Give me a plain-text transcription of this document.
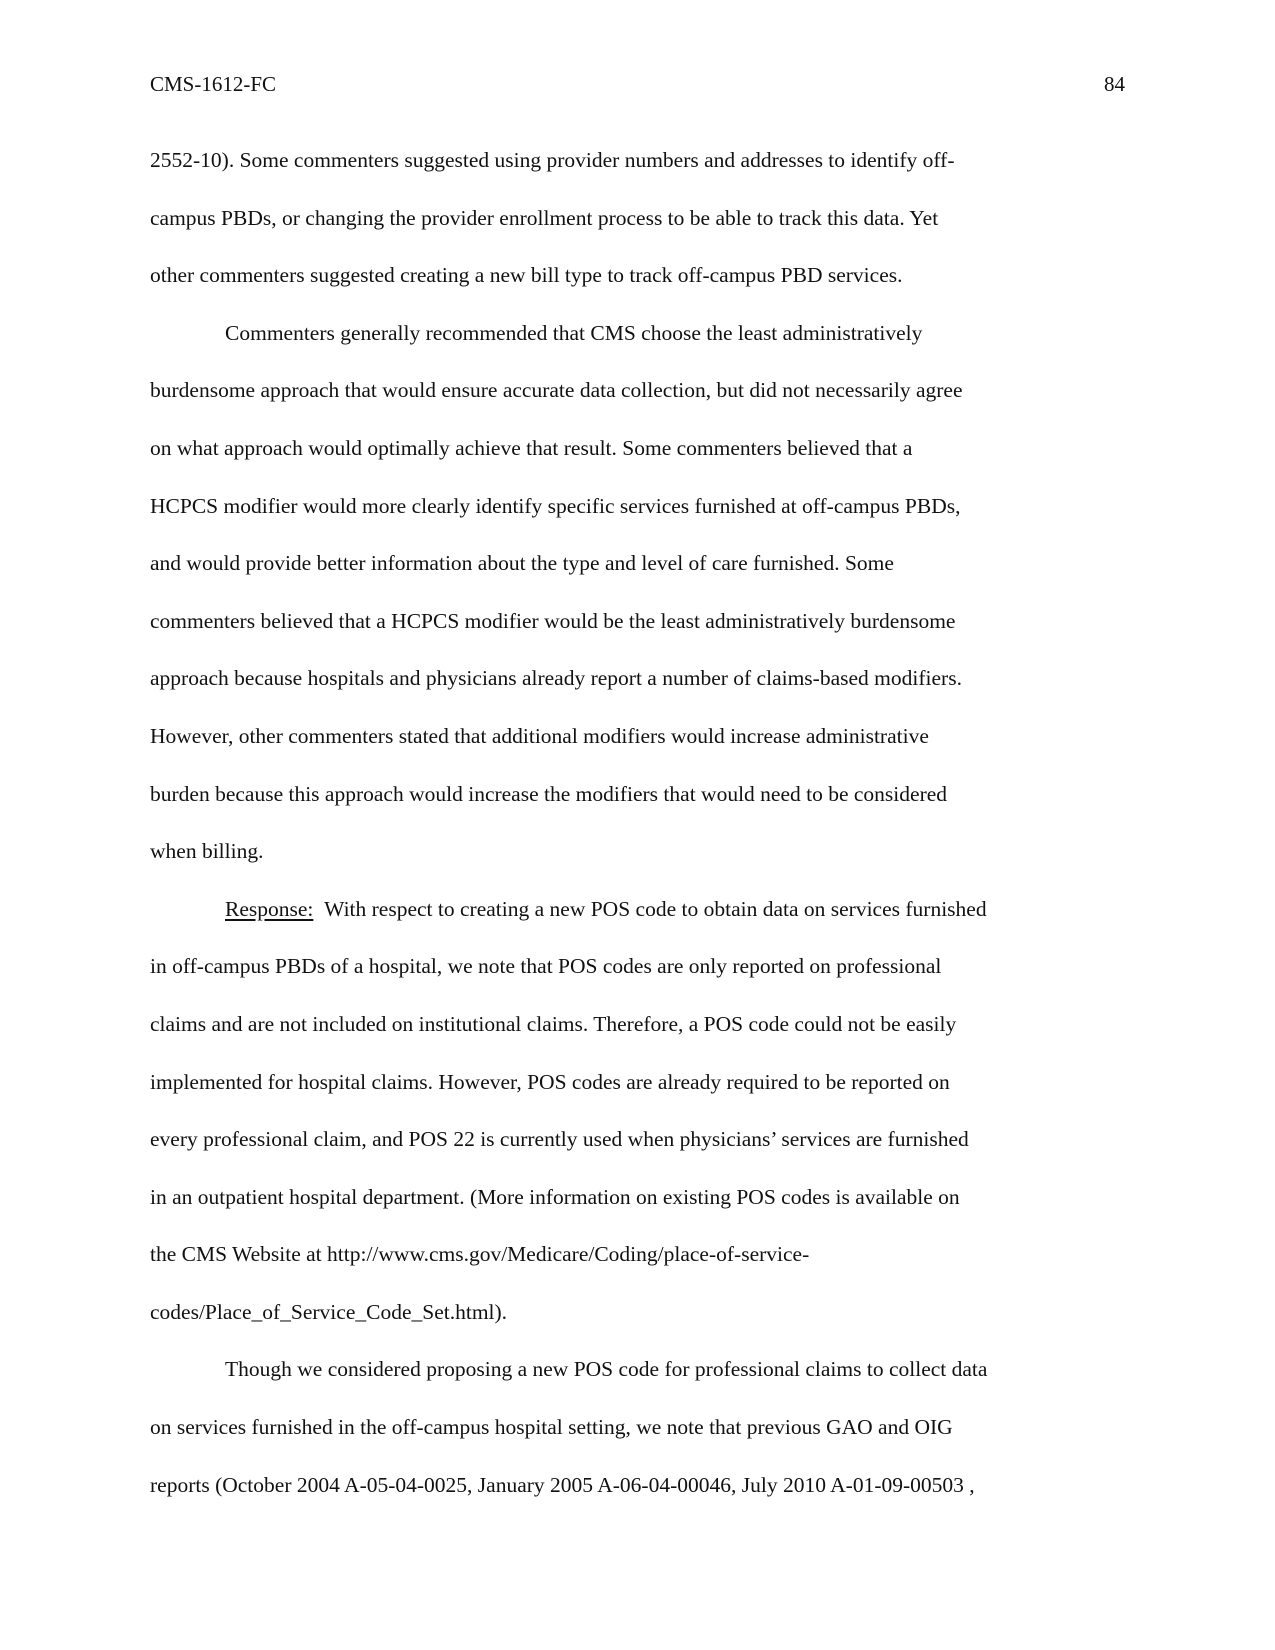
CMS-1612-FC	84
2552-10). Some commenters suggested using provider numbers and addresses to identify off-
campus PBDs, or changing the provider enrollment process to be able to track this data. Yet
other commenters suggested creating a new bill type to track off-campus PBD services.
Commenters generally recommended that CMS choose the least administratively
burdensome approach that would ensure accurate data collection, but did not necessarily agree
on what approach would optimally achieve that result. Some commenters believed that a
HCPCS modifier would more clearly identify specific services furnished at off-campus PBDs,
and would provide better information about the type and level of care furnished. Some
commenters believed that a HCPCS modifier would be the least administratively burdensome
approach because hospitals and physicians already report a number of claims-based modifiers.
However, other commenters stated that additional modifiers would increase administrative
burden because this approach would increase the modifiers that would need to be considered
when billing.
Response: With respect to creating a new POS code to obtain data on services furnished
in off-campus PBDs of a hospital, we note that POS codes are only reported on professional
claims and are not included on institutional claims. Therefore, a POS code could not be easily
implemented for hospital claims. However, POS codes are already required to be reported on
every professional claim, and POS 22 is currently used when physicians’ services are furnished
in an outpatient hospital department. (More information on existing POS codes is available on
the CMS Website at http://www.cms.gov/Medicare/Coding/place-of-service-
codes/Place_of_Service_Code_Set.html).
Though we considered proposing a new POS code for professional claims to collect data
on services furnished in the off-campus hospital setting, we note that previous GAO and OIG
reports (October 2004 A-05-04-0025, January 2005 A-06-04-00046, July 2010 A-01-09-00503 ,
